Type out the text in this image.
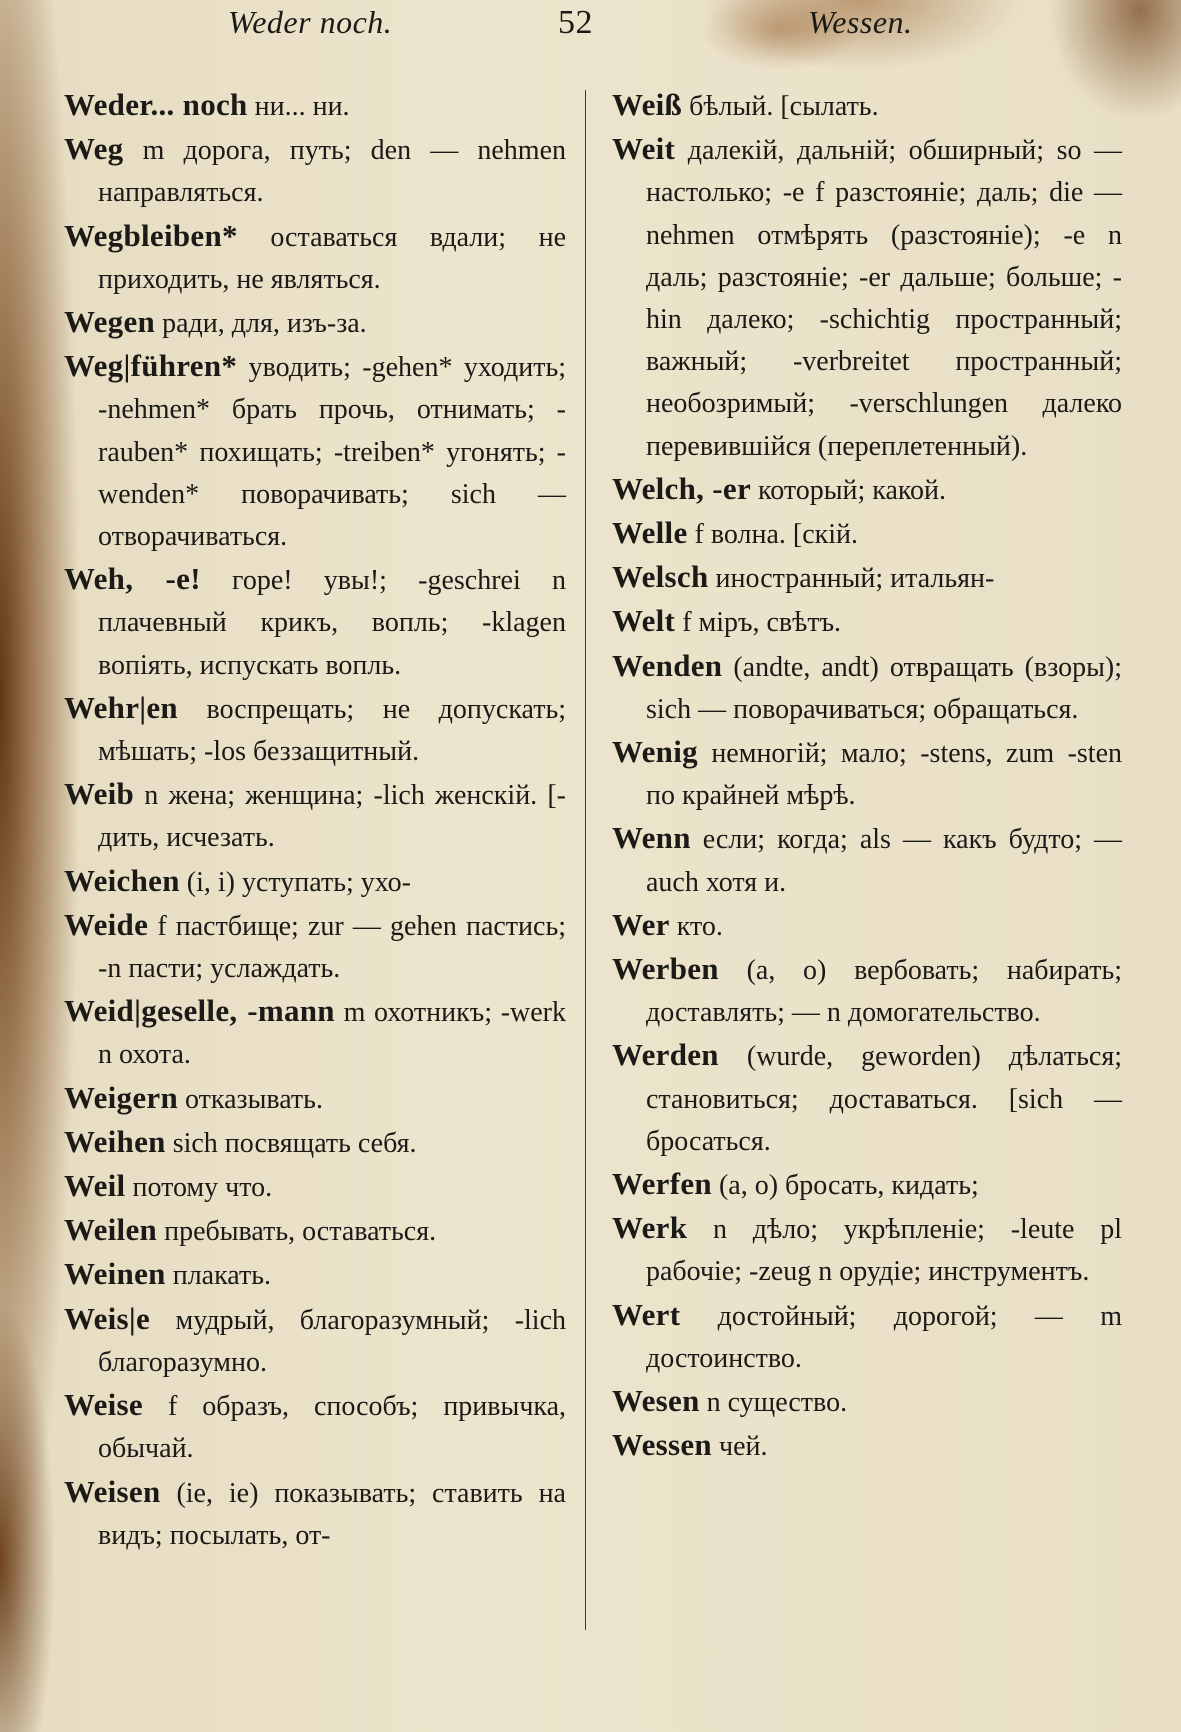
Weder noch.	52	Wessen.

Weder... noch ни... ни.

Weg m дорога, путь; den — nehmen направляться.

Wegbleiben* оставаться вдали; не приходить, не являться.

Wegen ради, для, изъ-за.

Weg|führen* уводить; -gehen* уходить; -nehmen* брать прочь, отнимать; -rauben* похищать; -treiben* угонять; -wenden* поворачивать; sich — отворачиваться.

Weh, -e! горе! увы!; -geschrei n плачевный крикъ, вопль; -klagen вопiять, испускать вопль.

Wehr|en воспрещать; не допускать; мѣшать; -los беззащитный.

Weib n жена; женщина; -lich женскiй. [-дить, исчезать.

Weichen (i, i) уступать; ухо-

Weide f пастбище; zur — gehen пастись; -n пасти; услаждать.

Weid|geselle, -mann m охотникъ; -werk n охота.

Weigern отказывать.

Weihen sich посвящать себя.

Weil потому что.

Weilen пребывать, оставаться.

Weinen плакать.

Weis|e мудрый, благоразумный; -lich благоразумно.

Weise f образъ, способъ; привычка, обычай.

Weisen (ie, ie) показывать; ставить на видъ; посылать, от-

Weiß бѣлый. [сылать.

Weit далекiй, дальнiй; обширный; so — настолько; -e f разстоянiе; даль; die — nehmen отмѣрять (разстоянiе); -e n даль; разстоянiе; -er дальше; больше; -hin далеко; -schichtig пространный; важный; -verbreitet пространный; необозримый; -verschlungen далеко перевившiйся (переплетенный).

Welch, -er который; какой.

Welle f волна. [скiй.

Welsch иностранный; итальян-

Welt f мiръ, свѣтъ.

Wenden (andte, andt) отвращать (взоры); sich — поворачиваться; обращаться.

Wenig немногiй; мало; -stens, zum -sten по крайней мѣрѣ.

Wenn если; когда; als — какъ будто; — auch хотя и.

Wer кто.

Werben (a, o) вербовать; набирать; доставлять; — n домогательство.

Werden (wurde, geworden) дѣлаться; становиться; доставаться. [sich — бросаться.

Werfen (a, o) бросать, кидать;

Werk n дѣло; укрѣпленiе; -leute pl рабочiе; -zeug n орудiе; инструментъ.

Wert достойный; дорогой; — m достоинство.

Wesen n существо.

Wessen чей.
